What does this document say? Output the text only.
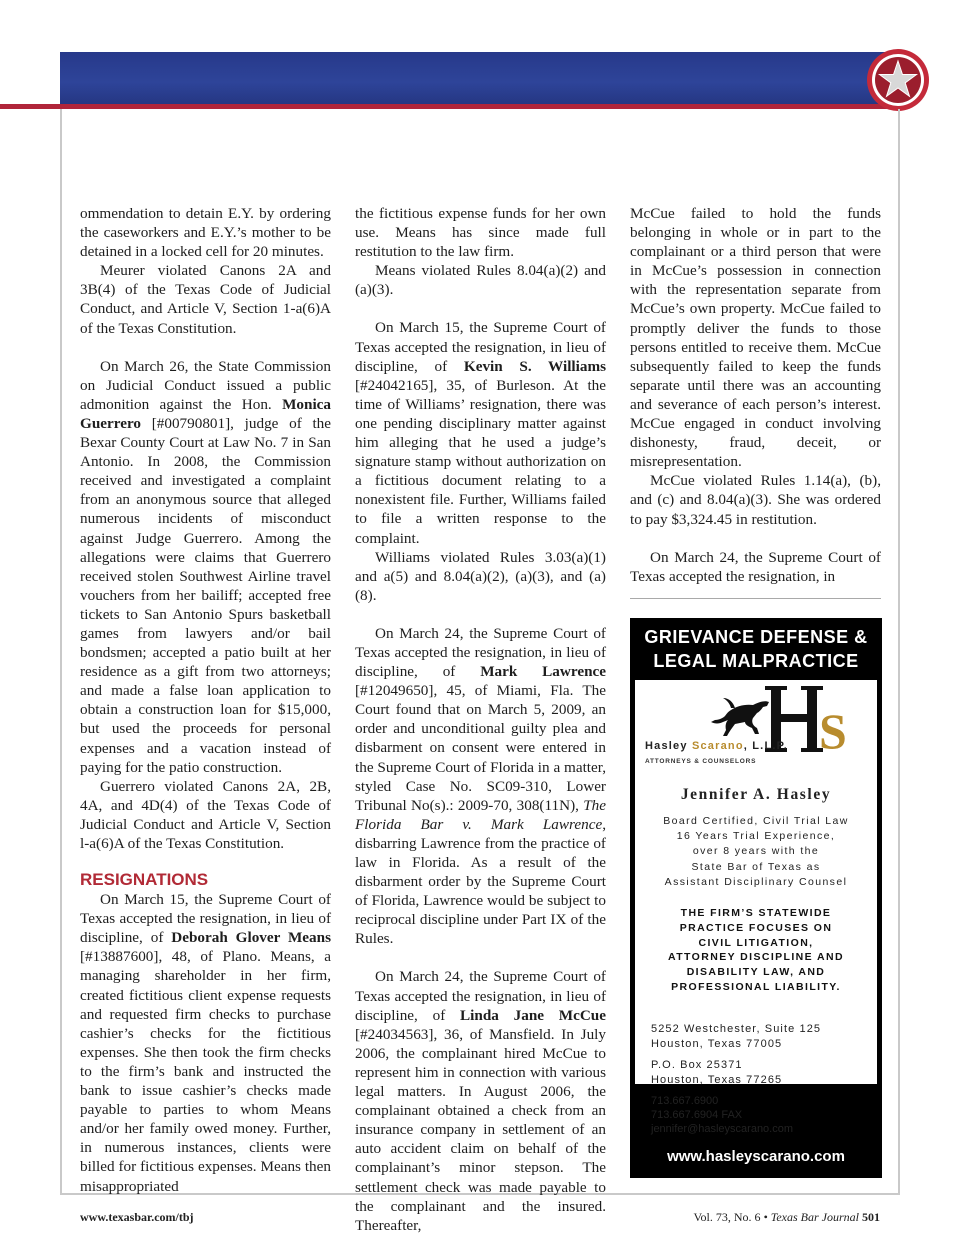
ommendation to detain E.Y. by ordering the caseworkers and E.Y.’s mother to be detained in a locked cell for 20 minutes.

Meurer violated Canons 2A and 3B(4) of the Texas Code of Judicial Conduct, and Article V, Section 1-a(6)A of the Texas Constitution.

On March 26, the State Commission on Judicial Conduct issued a public admonition against the Hon. Monica Guerrero [#00790801], judge of the Bexar County Court at Law No. 7 in San Antonio. In 2008, the Commission received and investigated a complaint from an anonymous source that alleged numerous incidents of misconduct against Judge Guerrero. Among the allegations were claims that Guerrero received stolen Southwest Airline travel vouchers from her bailiff; accepted free tickets to San Antonio Spurs basketball games from lawyers and/or bail bondsmen; accepted a patio built at her residence as a gift from two attorneys; and made a false loan application to obtain a construction loan for $15,000, but used the proceeds for personal expenses and a vacation instead of paying for the patio construction.

Guerrero violated Canons 2A, 2B, 4A, and 4D(4) of the Texas Code of Judicial Conduct and Article V, Section l-a(6)A of the Texas Constitution.

RESIGNATIONS

On March 15, the Supreme Court of Texas accepted the resignation, in lieu of discipline, of Deborah Glover Means [#13887600], 48, of Plano. Means, a managing shareholder in her firm, created fictitious client expense requests and requested firm checks to purchase cashier’s checks for the fictitious expenses. She then took the firm checks to the firm’s bank and instructed the bank to issue cashier’s checks made payable to parties to whom Means and/or her family owed money. Further, in numerous instances, clients were billed for fictitious expenses. Means then misappropriated

the fictitious expense funds for her own use. Means has since made full restitution to the law firm.

Means violated Rules 8.04(a)(2) and (a)(3).

On March 15, the Supreme Court of Texas accepted the resignation, in lieu of discipline, of Kevin S. Williams [#24042165], 35, of Burleson. At the time of Williams’ resignation, there was one pending disciplinary matter against him alleging that he used a judge’s signature stamp without authorization on a fictitious document relating to a nonexistent file. Further, Williams failed to file a written response to the complaint.

Williams violated Rules 3.03(a)(1) and a(5) and 8.04(a)(2), (a)(3), and (a)(8).

On March 24, the Supreme Court of Texas accepted the resignation, in lieu of discipline, of Mark Lawrence [#12049650], 45, of Miami, Fla. The Court found that on March 5, 2009, an order and unconditional guilty plea and disbarment on consent were entered in the Supreme Court of Florida in a matter, styled Case No. SC09-310, Lower Tribunal No(s).: 2009-70, 308(11N), The Florida Bar v. Mark Lawrence, disbarring Lawrence from the practice of law in Florida. As a result of the disbarment order by the Supreme Court of Florida, Lawrence would be subject to reciprocal discipline under Part IX of the Rules.

On March 24, the Supreme Court of Texas accepted the resignation, in lieu of discipline, of Linda Jane McCue [#24034563], 36, of Mansfield. In July 2006, the complainant hired McCue to represent him in connection with various legal matters. In August 2006, the complainant obtained a check from an insurance company in settlement of an auto accident claim on behalf of the complainant’s minor stepson. The settlement check was made payable to the complainant and the insured. Thereafter,

McCue failed to hold the funds belonging in whole or in part to the complainant or a third person that were in McCue’s possession in connection with the representation separate from McCue’s own property. McCue failed to promptly deliver the funds to those persons entitled to receive them. McCue subsequently failed to keep the funds separate until there was an accounting and severance of each person’s interest. McCue engaged in conduct involving dishonesty, fraud, deceit, or misrepresentation.

McCue violated Rules 1.14(a), (b), and (c) and 8.04(a)(3). She was ordered to pay $3,324.45 in restitution.

On March 24, the Supreme Court of Texas accepted the resignation, in

GRIEVANCE DEFENSE &
LEGAL MALPRACTICE
S
Hasley Scarano, L.L.P.
ATTORNEYS & COUNSELORS
Jennifer A. Hasley
Board Certified, Civil Trial Law
16 Years Trial Experience,
over 8 years with the
State Bar of Texas as
Assistant Disciplinary Counsel
THE FIRM’S STATEWIDE
PRACTICE FOCUSES ON
CIVIL LITIGATION,
ATTORNEY DISCIPLINE AND
DISABILITY LAW, AND
PROFESSIONAL LIABILITY.
5252 Westchester, Suite 125
Houston, Texas 77005
P.O. Box 25371
Houston, Texas 77265
713.667.6900
713.667.6904 FAX
jennifer@hasleyscarano.com
www.hasleyscarano.com
www.texasbar.com/tbj	Vol. 73, No. 6 • Texas Bar Journal 501
